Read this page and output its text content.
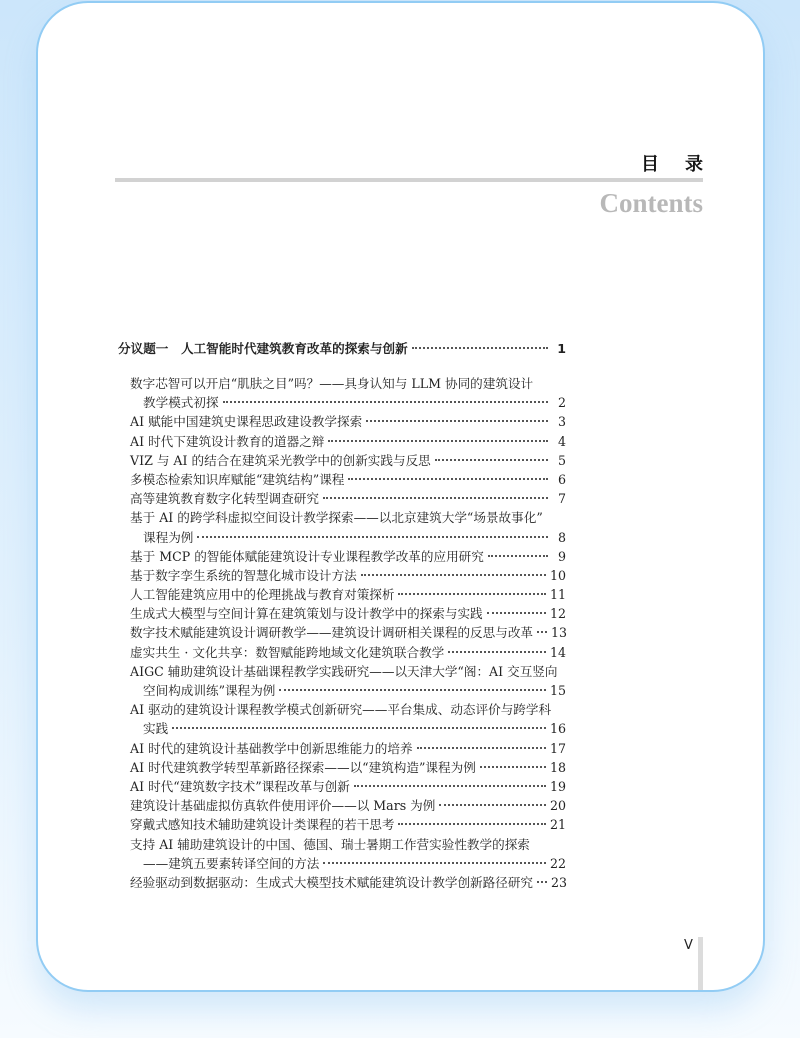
目录
Contents
分议题一　人工智能时代建筑教育改革的探索与创新	1
数字芯智可以开启“肌肤之目”吗？——具身认知与 LLM 协同的建筑设计
教学模式初探	2
AI 赋能中国建筑史课程思政建设教学探索	3
AI 时代下建筑设计教育的道器之辩	4
VIZ 与 AI 的结合在建筑采光教学中的创新实践与反思	5
多模态检索知识库赋能“建筑结构”课程	6
高等建筑教育数字化转型调查研究	7
基于 AI 的跨学科虚拟空间设计教学探索——以北京建筑大学“场景故事化”
课程为例	8
基于 MCP 的智能体赋能建筑设计专业课程教学改革的应用研究	9
基于数字孪生系统的智慧化城市设计方法	10
人工智能建筑应用中的伦理挑战与教育对策探析	11
生成式大模型与空间计算在建筑策划与设计教学中的探索与实践	12
数字技术赋能建筑设计调研教学——建筑设计调研相关课程的反思与改革 13
虚实共生 · 文化共享：数智赋能跨地域文化建筑联合教学	14
AIGC 辅助建筑设计基础课程教学实践研究——以天津大学“阁：AI 交互竖向
空间构成训练”课程为例	15
AI 驱动的建筑设计课程教学模式创新研究——平台集成、动态评价与跨学科
实践	16
AI 时代的建筑设计基础教学中创新思维能力的培养	17
AI 时代建筑教学转型革新路径探索——以“建筑构造”课程为例	18
AI 时代“建筑数字技术”课程改革与创新	19
建筑设计基础虚拟仿真软件使用评价——以 Mars 为例	20
穿戴式感知技术辅助建筑设计类课程的若干思考	21
支持 AI 辅助建筑设计的中国、德国、瑞士暑期工作营实验性教学的探索
——建筑五要素转译空间的方法	22
经验驱动到数据驱动：生成式大模型技术赋能建筑设计教学创新路径研究 23
V
